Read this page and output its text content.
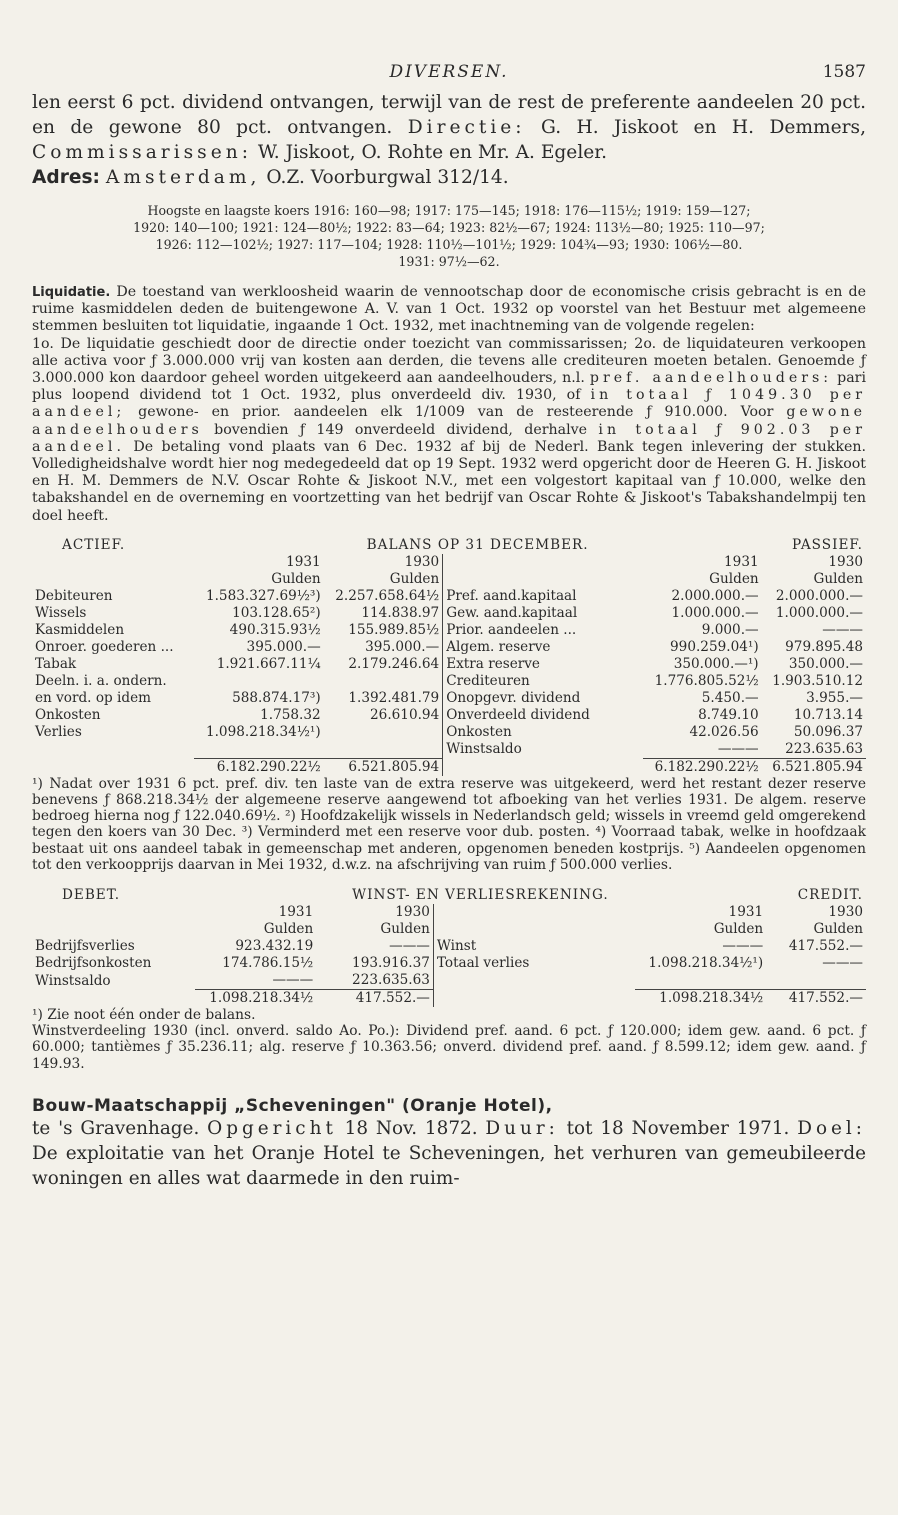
DIVERSEN.	1587

len eerst 6 pct. dividend ontvangen, terwijl van de rest de preferente aandeelen 20 pct. en de gewone 80 pct. ontvangen. Directie: G. H. Jiskoot en H. Demmers, Commissarissen: W. Jiskoot, O. Rohte en Mr. A. Egeler.

Adres: Amsterdam, O.Z. Voorburgwal 312/14.

Hoogste en laagste koers 1916: 160—98; 1917: 175—145; 1918: 176—115½; 1919: 159—127;
1920: 140—100; 1921: 124—80½; 1922: 83—64; 1923: 82½—67; 1924: 113½—80; 1925: 110—97;
1926: 112—102½; 1927: 117—104; 1928: 110½—101½; 1929: 104¾—93; 1930: 106½—80.
1931: 97½—62.

Liquidatie. De toestand van werkloosheid waarin de vennootschap door de economische crisis gebracht is en de ruime kasmiddelen deden de buitengewone A. V. van 1 Oct. 1932 op voorstel van het Bestuur met algemeene stemmen besluiten tot liquidatie, ingaande 1 Oct. 1932, met inachtneming van de volgende regelen:

1o. De liquidatie geschiedt door de directie onder toezicht van commissarissen; 2o. de liquidateuren verkoopen alle activa voor ƒ 3.000.000 vrij van kosten aan derden, die tevens alle crediteuren moeten betalen. Genoemde ƒ 3.000.000 kon daardoor geheel worden uitgekeerd aan aandeelhouders, n.l. pref. aandeelhouders: pari plus loopend dividend tot 1 Oct. 1932, plus onverdeeld div. 1930, of in totaal ƒ 1049.30 per aandeel; gewone- en prior. aandeelen elk 1/1009 van de resteerende ƒ 910.000. Voor gewone aandeelhouders bovendien ƒ 149 onverdeeld dividend, derhalve in totaal ƒ 902.03 per aandeel. De betaling vond plaats van 6 Dec. 1932 af bij de Nederl. Bank tegen inlevering der stukken. Volledigheidshalve wordt hier nog medegedeeld dat op 19 Sept. 1932 werd opgericht door de Heeren G. H. Jiskoot en H. M. Demmers de N.V. Oscar Rohte & Jiskoot N.V., met een volgestort kapitaal van ƒ 10.000, welke den tabakshandel en de overneming en voortzetting van het bedrijf van Oscar Rohte & Jiskoot's Tabakshandelmpij ten doel heeft.

ACTIEF.	BALANS OP 31 DECEMBER.				PASSIEF.
	1931	1930		1931	1930
	Gulden	Gulden		Gulden	Gulden
Debiteuren	1.583.327.69½³)	2.257.658.64½	Pref. aand.kapitaal	2.000.000.—	2.000.000.—
Wissels	103.128.65²)	114.838.97	Gew. aand.kapitaal	1.000.000.—	1.000.000.—
Kasmiddelen	490.315.93½	155.989.85½	Prior. aandeelen ...	9.000.—	———
Onroer. goederen ...	395.000.—	395.000.—	Algem. reserve	990.259.04¹)	979.895.48
Tabak	1.921.667.11¼	2.179.246.64	Extra reserve	350.000.—¹)	350.000.—
Deeln. i. a. ondern.			Crediteuren	1.776.805.52½	1.903.510.12
en vord. op idem	588.874.17³)	1.392.481.79	Onopgevr. dividend	5.450.—	3.955.—
Onkosten	1.758.32	26.610.94	Onverdeeld dividend	8.749.10	10.713.14
Verlies	1.098.218.34½¹)		Onkosten	42.026.56	50.096.37
			Winstsaldo	———	223.635.63
	6.182.290.22½	6.521.805.94		6.182.290.22½	6.521.805.94

¹) Nadat over 1931 6 pct. pref. div. ten laste van de extra reserve was uitgekeerd, werd het restant dezer reserve benevens ƒ 868.218.34½ der algemeene reserve aangewend tot afboeking van het verlies 1931. De algem. reserve bedroeg hierna nog ƒ 122.040.69½. ²) Hoofdzakelijk wissels in Nederlandsch geld; wissels in vreemd geld omgerekend tegen den koers van 30 Dec. ³) Verminderd met een reserve voor dub. posten. ⁴) Voorraad tabak, welke in hoofdzaak bestaat uit ons aandeel tabak in gemeenschap met anderen, opgenomen beneden kostprijs. ⁵) Aandeelen opgenomen tot den verkoopprijs daarvan in Mei 1932, d.w.z. na afschrijving van ruim ƒ 500.000 verlies.

DEBET.	WINST- EN VERLIESREKENING.				CREDIT.
	1931	1930		1931	1930
	Gulden	Gulden		Gulden	Gulden
Bedrijfsverlies	923.432.19	———	Winst	———	417.552.—
Bedrijfsonkosten	174.786.15½	193.916.37	Totaal verlies	1.098.218.34½¹)	———
Winstsaldo	———	223.635.63			
	1.098.218.34½	417.552.—		1.098.218.34½	417.552.—

¹) Zie noot één onder de balans.

Winstverdeeling 1930 (incl. onverd. saldo Ao. Po.): Dividend pref. aand. 6 pct. ƒ 120.000; idem gew. aand. 6 pct. ƒ 60.000; tantièmes ƒ 35.236.11; alg. reserve ƒ 10.363.56; onverd. dividend pref. aand. ƒ 8.599.12; idem gew. aand. ƒ 149.93.

Bouw-Maatschappij „Scheveningen" (Oranje Hotel),

te 's Gravenhage. Opgericht 18 Nov. 1872. Duur: tot 18 November 1971. Doel: De exploitatie van het Oranje Hotel te Scheveningen, het verhuren van gemeubileerde woningen en alles wat daarmede in den ruim-
